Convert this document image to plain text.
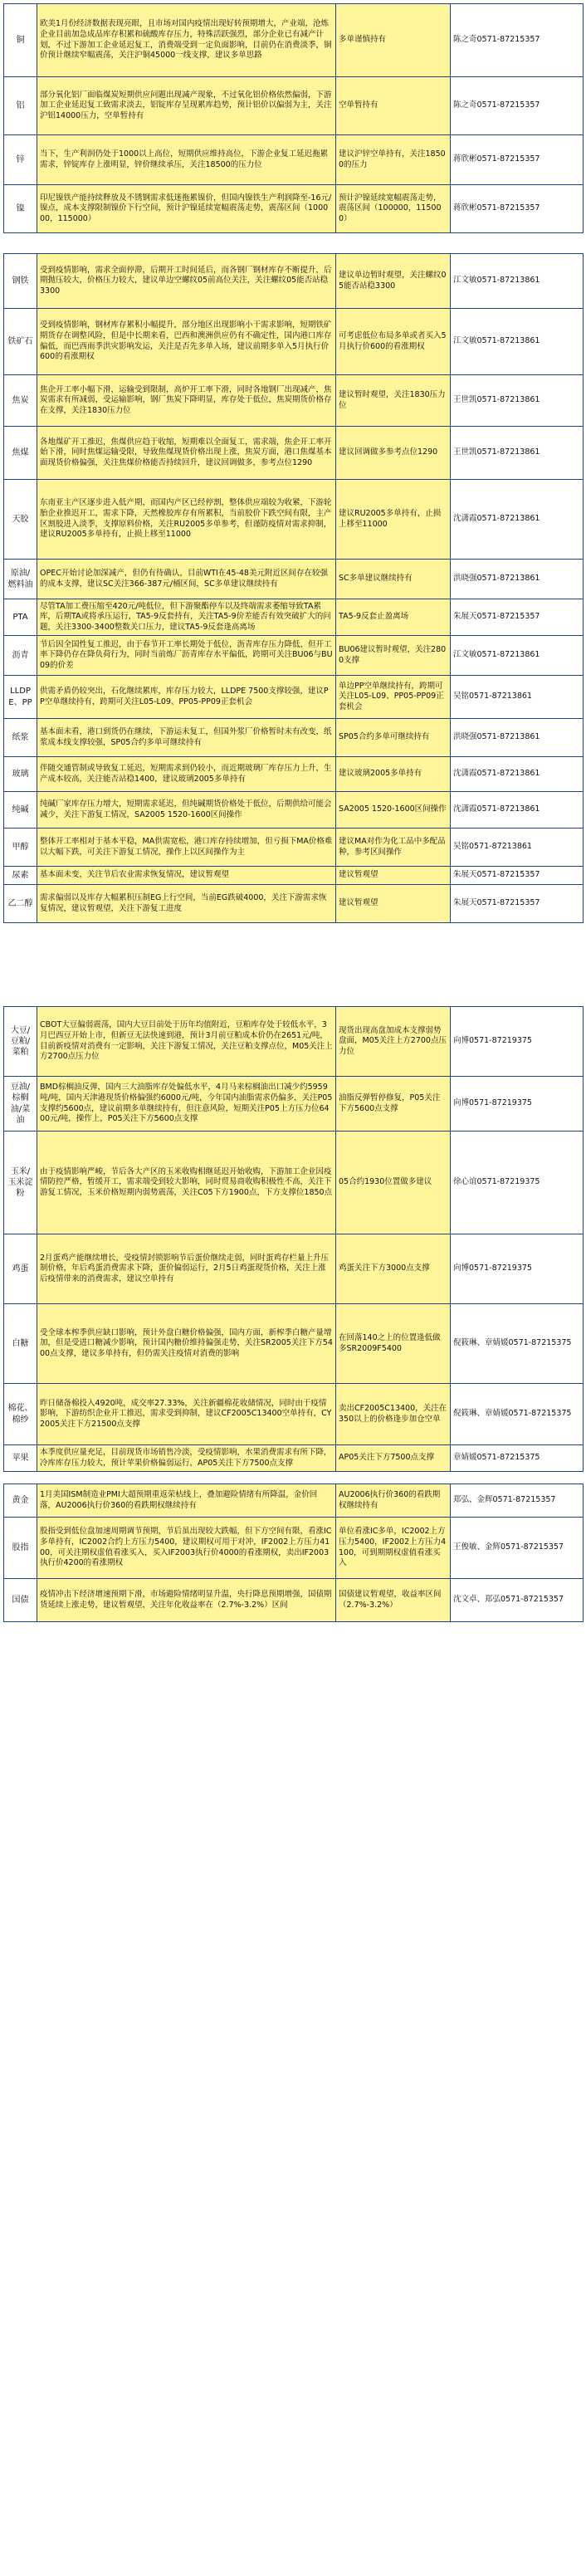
铜	欧美1月份经济数据表现亮眼，且市场对国内疫情出现好转预期增大，产业端，沧炼企业目前加急成品库存积累和硫酸库存压力，特殊活跃强烈，部分企业已有减产计划，不过下游加工企业延迟复工，消费端受到一定负面影响，目前仍在消费淡季，铜价预计继续窄幅震荡，关注沪铜45000一线支撑，建议多单思路	多单谨慎持有	陈之奇0571-87215357
铝	部分氧化铝厂面临煤炭短期供应问题出现减产现象，不过氧化铝价格依然偏弱，下游加工企业延迟复工致需求淡去，铝锭库存呈现累库趋势，预计铝价以偏弱为主，关注沪铝14000压力，空单暂持有	空单暂持有	陈之奇0571-87215357
锌	当下，生产利润仍处于1000以上高位，短期供应维持高位，下游企业复工延迟拖累需求，锌锭库存上涨明显，锌价继续承压，关注18500的压力位	建议沪锌空单持有，关注18500的压力	蒋欣彬0571-87215357
镍	印尼镍铁产能持续释放及不锈钢需求低迷拖累镍价，但国内镍铁生产利润降至-16元/镍点，成本支撑限制镍价下行空间，预计沪镍延续宽幅震荡走势，震荡区间（100000，115000）	预计沪镍延续宽幅震荡走势，震荡区间（100000，115000）	蒋欣彬0571-87215357

钢铁	受到疫情影响，需求全面停滞，后期开工时间延后，而各钢厂钢材库存不断提升，后期抛压较大，价格压力较大，建议单边空螺纹05前高位关注，关注螺纹05能否站稳3300	建议单边暂时观望，关注螺纹05能否站稳3300	江文敏0571-87213861
铁矿石	受到疫情影响，钢材库存累积小幅提升，部分地区出现影响小干需求影响，短期铁矿期货存在调整风险，但是中长期来看，巴西和澳洲供应仍有不确定性，国内港口库存偏低，而巴西雨季洪灾影响发运，关注是否先多单入场，建议前期多单入5月执行价600的看涨期权	可考虑低位布局多单或者买入5月执行价600的看涨期权	江文敏0571-87213861
焦炭	焦企开工率小幅下滑，运输受到限制，高炉开工率下滑，同时各地钢厂出现减产，焦炭需求有所减弱，受运输影响，钢厂焦炭下降明显，库存处于低位，焦炭期货价格存在支撑，关注1830压力位	建议暂时观望，关注1830压力位	王世凯0571-87213861
焦煤	各地煤矿开工推迟，焦煤供应趋于收缩，短期难以全面复工，需求端，焦企开工率开始下滑，同时焦煤运输受限，导致焦煤现货价格出现上涨，焦炭方面，港口焦煤基本面现货价格偏强，关注焦煤价格能否持续回升，建议回调做多，参考点位1290	建议回调做多参考点位1290	王世凯0571-87213861
天胶	东南亚主产区逐步进入低产期，而国内产区已经停割，整体供应端较为收紧，下游轮胎企业推迟开工，需求下降，天然橡胶库存有所累积，当前胶价下跌空间有限，主产区割胶进入淡季，支撑原料价格，关注RU2005多单参考，但谨防疫情对需求抑制，建议RU2005多单持有，止损上移至11000	建议RU2005多单持有，止损上移至11000	沈潇霞0571-87213861
原油/燃料油	OPEC开始讨论加深减产，但仍有待确认，目前WTI在45-48美元附近区间存在较强的成本支撑，建议SC关注366-387元/桶区间，SC多单建议继续持有	SC多单建议继续持有	洪晓强0571-87213861
PTA	尽管TA加工费压缩至420元/吨低位，但下游聚酯停车以及终端需求萎缩导致TA累库，后期TA或将承压运行，TA5-9反套持有，关注TA5-9价差能否有效突破扩大的问题，关注3300-3400整数关口压力，建议TA5-9反套逢高离场	TA5-9反套止盈离场	朱展天0571-87215357
沥青	节后因全国性复工推迟，由于春节开工率长期处于低位，沥青库存压力降低，但开工率下降仍存在降负荷行为，同时当前炼厂沥青库存水平偏低，跨期可关注BU06与BU09的价差	BU06建议暂时观望，关注2800支撑	江文敏0571-87213861
LLDPE、PP	供需矛盾仍较突出，石化继续累库，库存压力较大，LLDPE 7500支撑较强，建议PP空单继续持有，跨期可关注L05-L09、PP05-PP09正套机会	单边PP空单继续持有，跨期可关注L05-L09、PP05-PP09正套机会	吴铭0571-87213861
纸浆	基本面未看，港口到货仍在继续，下游运未复工，但国外浆厂价格暂时未有改变，纸浆成本线支撑较强，SP05合约多单可继续持有	SP05合约多单可继续持有	洪晓强0571-87213861
玻璃	伴随交通管制或导致复工延迟，短期需求到仍较小，而近期玻璃厂库存压力上升，生产成本较高，关注能否站稳1400，建议玻璃2005多单持有	建议玻璃2005多单持有	沈潇霞0571-87213861
纯碱	纯碱厂家库存压力增大，短期需求延迟，但纯碱期货价格处于低位，后期供给可能会减少，关注下游复工情况，SA2005 1520-1600区间操作	SA2005 1520-1600区间操作	沈潇霞0571-87213861
甲醇	整体开工率相对于基本平稳，MA供需宽松，港口库存持续增加，但亏损下MA价格难以大幅下跌，可关注下游复工情况，操作上以区间操作为主	建议MA对作为化工品中多配品种，参考区间操作	吴铭0571-87213861
尿素	基本面未变，关注节后农业需求恢复情况，建议暂观望	建议暂观望	朱展天0571-87215357
乙二醇	需求偏弱以及库存大幅累积压制EG上行空间，当前EG跌破4000，关注下游需求恢复情况，建议暂观望，关注下游复工进度	建议暂观望	朱展天0571-87215357

大豆/豆粕/菜粕	CBOT大豆偏弱震荡，国内大豆目前处于历年均值附近，豆粕库存处于较低水平，3月巴西豆开始上市，但新豆无法快速到港，预计3月前豆粕成本价仍在2651元/吨，目前新疫情对消费有一定影响，关注下游复工情况，关注豆粕支撑点位，M05关注上方2700点压力位	现货出现高盘加成本支撑弱势盘面，M05关注上方2700点压力位	向博0571-87219375
豆油/棕榈油/菜油	BMD棕榈油反弹，国内三大油脂库存处偏低水平，4月马来棕榈油出口减少约5959吨/吨，国内天津港现货价格偏强约6000元/吨，今年国内油脂需求仍偏多，关注P05支撑约5600点，建议前期多单继续持有，但注意风险，短期关注P05上方压力位6400元/吨，操作上，P05关注下方5600点支撑	油脂反弹暂停修复，P05关注下方5600点支撑	向博0571-87219375
玉米/玉米淀粉	由于疫情影响严峻，节后各大产区的玉米收购相继延迟开始收购，下游加工企业因疫情防控严格，暂缓开工，需求端受到较大影响，同时贸易商收购积极性不高，关注下游复工情况，玉米价格短期内弱势震荡，关注C05下方1900点，下方支撑位1850点	05合约1930位置做多建议	徐心谊0571-87219375
鸡蛋	2月蛋鸡产能继续增长，受疫情封锁影响节后蛋价继续走弱，同时蛋鸡存栏量上升压制价格，年后鸡蛋消费需求下降，蛋价偏弱运行，2月5日鸡蛋现货价格，关注上涨后疫情带来的消费需求，建议空单持有	鸡蛋关注下方3000点支撑	向博0571-87219375
白糖	受全球本榨季供应缺口影响，预计外盘白糖价格偏强，国内方面，新榨季白糖产量增加，但是受进口糖减少影响，预计国内糖价维持偏强走势，关注SR2005关注下方5400点支撑，建议多单持有，但仍需关注疫情对消费的影响	在回落140之上的位置逢低做多SR2009F5400	倪筱琳、章婧媛0571-87215375
棉花、棉纱	昨日储备棉投入4920吨，成交率27.33%，关注新疆棉花收储情况，同时由于疫情影响，下游纺织企业开工推迟，需求受到抑制，建议CF2005C13400空单持有，CY2005关注下方21500点支撑	卖出CF2005C13400，关注在350以上的价格逢步加仓空单	倪筱琳、章婧媛0571-87215375
苹果	本季度供应量充足，目前现货市场销售冷淡，受疫情影响，水果消费需求有所下降，冷库库存压力较大，预计苹果价格偏弱运行，AP05关注下方7500点支撑	AP05关注下方7500点支撑	章婧媛0571-87215375

黄金	1月美国ISM制造业PMI大超预期重返荣枯线上，叠加避险情绪有所降温，金价回落，AU2006执行价360的看跌期权继续持有	AU2006执行价360的看跌期权继续持有	郑弘、金辉0571-87215357
股指	股指受到低位盘加速周期调节预期，节后虽出现较大跌幅，但下方空间有限，看涨IC多单持有，IC2002合约上方压力5400，建议期权可用于对冲，IF2002上方压力4100，可关注期权虚值看涨买入，买入IF2003执行价4000的看涨期权，卖出IF2003执行价4200的看涨期权	单位看涨IC多单，IC2002上方压力5400，IF2002上方压力4100，可到期期权虚值看涨买入	王俊敏、金辉0571-87215357
国债	疫情冲击下经济增速预期下滑，市场避险情绪明显升温，央行降息预期增强，国债期货延续上涨走势，建议暂观望，关注年化收益率在（2.7%-3.2%）区间	国债建议暂观望，收益率区间（2.7%-3.2%）	沈文卓、郑弘0571-87215357
